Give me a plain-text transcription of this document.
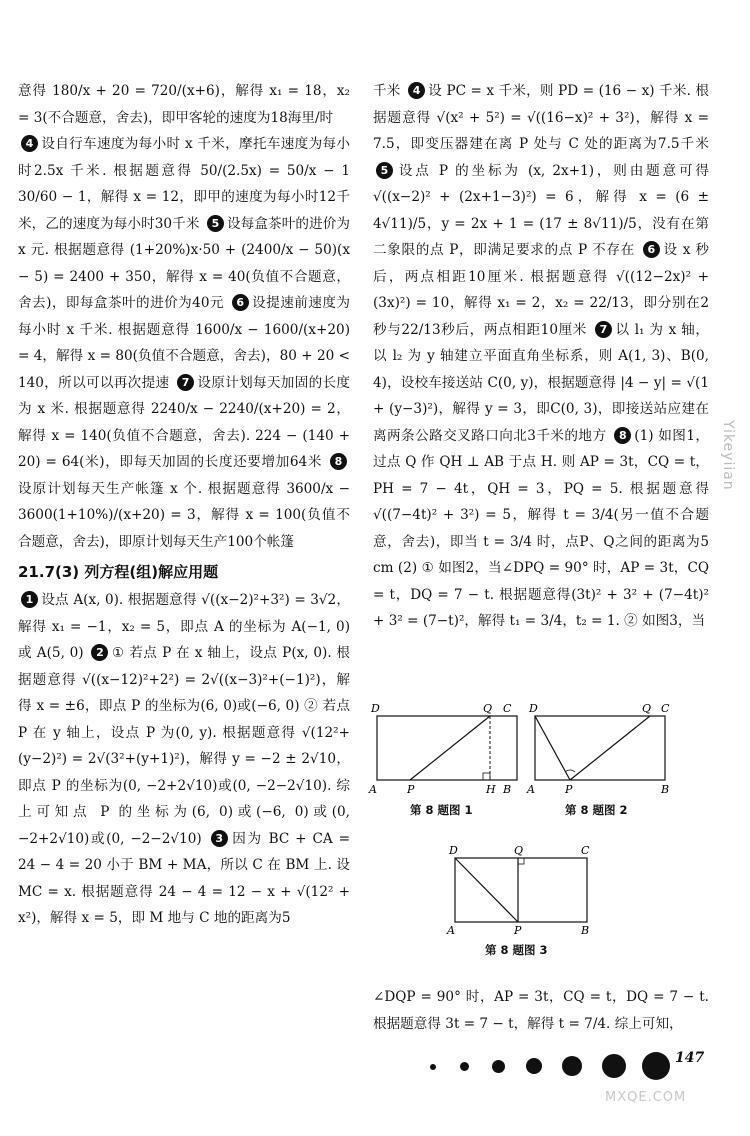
意得 180/x + 20 = 720/(x+6)，解得 x₁ = 18，x₂ = 3(不合题意，舍去)，即甲客轮的速度为18海里/时

4 设自行车速度为每小时 x 千米，摩托车速度为每小时2.5x 千米. 根据题意得 50/(2.5x) = 50/x − 1 30/60 − 1，解得 x = 12，即甲的速度为每小时12千米，乙的速度为每小时30千米 5 设每盒茶叶的进价为 x 元. 根据题意得 (1+20%)x·50 + (2400/x − 50)(x − 5) = 2400 + 350，解得 x = 40(负值不合题意，舍去)，即每盒茶叶的进价为40元 6 设提速前速度为每小时 x 千米. 根据题意得 1600/x − 1600/(x+20) = 4，解得 x = 80(负值不合题意，舍去)，80 + 20 < 140，所以可以再次提速 7 设原计划每天加固的长度为 x 米. 根据题意得 2240/x − 2240/(x+20) = 2，解得 x = 140(负值不合题意，舍去). 224 − (140 + 20) = 64(米)，即每天加固的长度还要增加64米 8设原计划每天生产帐篷 x 个. 根据题意得 3600/x − 3600(1+10%)/(x+20) = 3，解得 x = 100(负值不合题意，舍去)，即原计划每天生产100个帐篷

21.7(3) 列方程(组)解应用题

1 设点 A(x, 0). 根据题意得 √((x−2)²+3²) = 3√2，解得 x₁ = −1，x₂ = 5，即点 A 的坐标为 A(−1, 0) 或 A(5, 0) 2 ① 若点 P 在 x 轴上，设点 P(x, 0). 根据题意得 √((x−12)²+2²) = 2√((x−3)²+(−1)²)，解得 x = ±6，即点 P 的坐标为(6, 0)或(−6, 0) ② 若点 P 在 y 轴上，设点 P 为(0, y). 根据题意得 √(12²+(y−2)²) = 2√(3²+(y+1)²)，解得 y = −2 ± 2√10，即点 P 的坐标为(0, −2+2√10)或(0, −2−2√10). 综上可知点 P 的坐标为(6, 0)或(−6, 0)或(0, −2+2√10)或(0, −2−2√10) 3 因为 BC + CA = 24 − 4 = 20 小于 BM + MA，所以 C 在 BM 上. 设 MC = x. 根据题意得 24 − 4 = 12 − x + √(12² + x²)，解得 x = 5，即 M 地与 C 地的距离为5

千米 4 设 PC = x 千米，则 PD = (16 − x) 千米. 根据题意得 √(x² + 5²) = √((16−x)² + 3²)，解得 x = 7.5，即变压器建在离 P 处与 C 处的距离为7.5千米 5 设点 P 的坐标为 (x, 2x+1)，则由题意可得 √((x−2)² + (2x+1−3)²) = 6，解得 x = (6 ± 4√11)/5，y = 2x + 1 = (17 ± 8√11)/5，没有在第二象限的点 P，即满足要求的点 P 不存在 6 设 x 秒后，两点相距10厘米. 根据题意得 √((12−2x)² + (3x)²) = 10，解得 x₁ = 2，x₂ = 22/13，即分别在2秒与22/13秒后，两点相距10厘米 7 以 l₁ 为 x 轴，以 l₂ 为 y 轴建立平面直角坐标系，则 A(1, 3)、B(0, 4)，设校车接送站 C(0, y)，根据题意得 |4 − y| = √(1 + (y−3)²)，解得 y = 3，即C(0, 3)，即接送站应建在离两条公路交叉路口向北3千米的地方 8 (1) 如图1，过点 Q 作 QH ⊥ AB 于点 H. 则 AP = 3t，CQ = t，PH = 7 − 4t，QH = 3，PQ = 5. 根据题意得 √((7−4t)² + 3²) = 5，解得 t = 3/4(另一值不合题意，舍去)，即当 t = 3/4 时，点P、Q之间的距离为5 cm (2) ① 如图2，当∠DPQ = 90° 时，AP = 3t，CQ = t，DQ = 7 − t. 根据题意得(3t)² + 3² + (7−4t)² + 3² = (7−t)²，解得 t₁ = 3/4，t₂ = 1. ② 如图3，当

D	Q C
A	P	H B
D	Q C
A	P	B
D	Q	C
A	P	B
第 8 题图 1	第 8 题图 2
第 8 题图 3

∠DQP = 90° 时，AP = 3t，CQ = t，DQ = 7 − t. 根据题意得 3t = 7 − t，解得 t = 7/4. 综上可知，

Yikeyiian
147
MXQE.COM
